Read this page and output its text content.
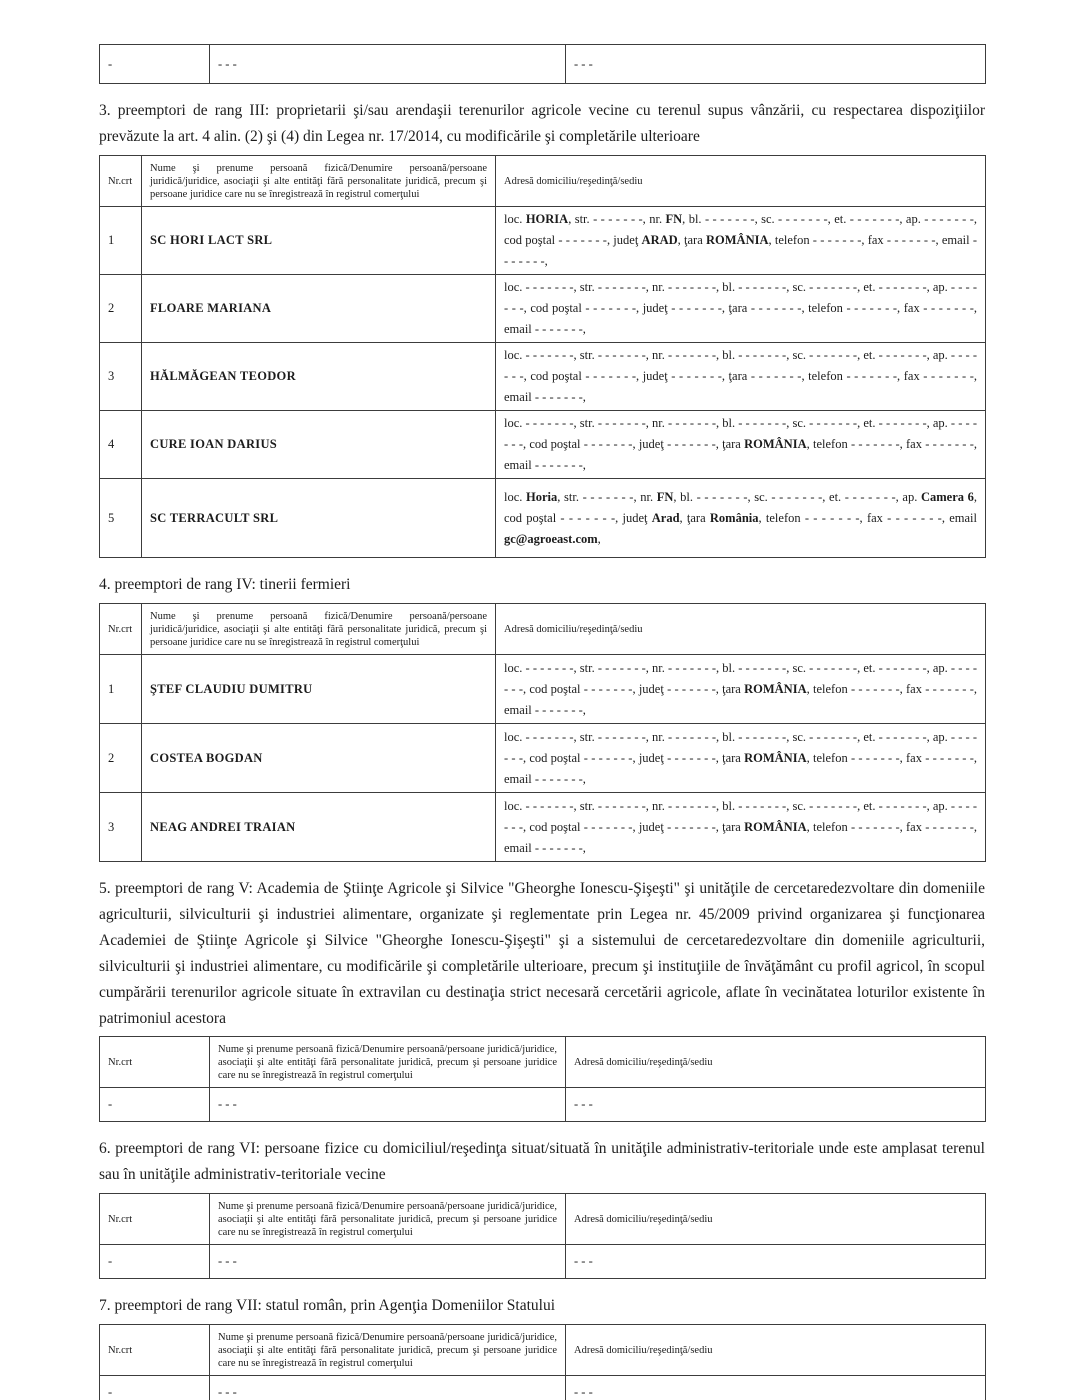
-	- - -	- - -
3. preemptori de rang III: proprietarii şi/sau arendaşii terenurilor agricole vecine cu terenul supus vânzării, cu respectarea dispoziţiilor prevăzute la art. 4 alin. (2) şi (4) din Legea nr. 17/2014, cu modificările şi completările ulterioare
Nr.crt	Nume şi prenume persoană fizică/Denumire persoană/persoane juridică/juridice, asociaţii şi alte entităţi fără personalitate juridică, precum şi persoane juridice care nu se înregistrează în registrul comerţului	Adresă domiciliu/reşedinţă/sediu
1	SC HORI LACT SRL	loc. HORIA, str. - - - - - - -, nr. FN, bl. - - - - - - -, sc. - - - - - - -, et. - - - - - - -, ap. - - - - - - -, cod poştal - - - - - - -, judeţ ARAD, ţara ROMÂNIA, telefon - - - - - - -, fax - - - - - - -, email - - - - - - -,
2	FLOARE MARIANA	loc. - - - - - - -, str. - - - - - - -, nr. - - - - - - -, bl. - - - - - - -, sc. - - - - - - -, et. - - - - - - -, ap. - - - - - - -, cod poştal - - - - - - -, judeţ - - - - - - -, ţara - - - - - - -, telefon - - - - - - -, fax - - - - - - -, email - - - - - - -,
3	HĂLMĂGEAN TEODOR	loc. - - - - - - -, str. - - - - - - -, nr. - - - - - - -, bl. - - - - - - -, sc. - - - - - - -, et. - - - - - - -, ap. - - - - - - -, cod poştal - - - - - - -, judeţ - - - - - - -, ţara - - - - - - -, telefon - - - - - - -, fax - - - - - - -, email - - - - - - -,
4	CURE IOAN DARIUS	loc. - - - - - - -, str. - - - - - - -, nr. - - - - - - -, bl. - - - - - - -, sc. - - - - - - -, et. - - - - - - -, ap. - - - - - - -, cod poştal - - - - - - -, judeţ - - - - - - -, ţara ROMÂNIA, telefon - - - - - - -, fax - - - - - - -, email - - - - - - -,
5	SC TERRACULT SRL	loc. Horia, str. - - - - - - -, nr. FN, bl. - - - - - - -, sc. - - - - - - -, et. - - - - - - -, ap. Camera 6, cod poştal - - - - - - -, judeţ Arad, ţara România, telefon - - - - - - -, fax - - - - - - -, email gc@agroeast.com,
4. preemptori de rang IV: tinerii fermieri
Nr.crt	Nume şi prenume persoană fizică/Denumire persoană/persoane juridică/juridice, asociaţii şi alte entităţi fără personalitate juridică, precum şi persoane juridice care nu se înregistrează în registrul comerţului	Adresă domiciliu/reşedinţă/sediu
1	ŞTEF CLAUDIU DUMITRU	loc. - - - - - - -, str. - - - - - - -, nr. - - - - - - -, bl. - - - - - - -, sc. - - - - - - -, et. - - - - - - -, ap. - - - - - - -, cod poştal - - - - - - -, judeţ - - - - - - -, ţara ROMÂNIA, telefon - - - - - - -, fax - - - - - - -, email - - - - - - -,
2	COSTEA BOGDAN	loc. - - - - - - -, str. - - - - - - -, nr. - - - - - - -, bl. - - - - - - -, sc. - - - - - - -, et. - - - - - - -, ap. - - - - - - -, cod poştal - - - - - - -, judeţ - - - - - - -, ţara ROMÂNIA, telefon - - - - - - -, fax - - - - - - -, email - - - - - - -,
3	NEAG ANDREI TRAIAN	loc. - - - - - - -, str. - - - - - - -, nr. - - - - - - -, bl. - - - - - - -, sc. - - - - - - -, et. - - - - - - -, ap. - - - - - - -, cod poştal - - - - - - -, judeţ - - - - - - -, ţara ROMÂNIA, telefon - - - - - - -, fax - - - - - - -, email - - - - - - -,
5. preemptori de rang V: Academia de Ştiinţe Agricole şi Silvice "Gheorghe Ionescu-Şişeşti" şi unităţile de cercetaredezvoltare din domeniile agriculturii, silviculturii şi industriei alimentare, organizate şi reglementate prin Legea nr. 45/2009 privind organizarea şi funcţionarea Academiei de Ştiinţe Agricole şi Silvice "Gheorghe Ionescu-Şişeşti" şi a sistemului de cercetaredezvoltare din domeniile agriculturii, silviculturii şi industriei alimentare, cu modificările şi completările ulterioare, precum şi instituţiile de învăţământ cu profil agricol, în scopul cumpărării terenurilor agricole situate în extravilan cu destinaţia strict necesară cercetării agricole, aflate în vecinătatea loturilor existente în patrimoniul acestora
Nr.crt	Nume şi prenume persoană fizică/Denumire persoană/persoane juridică/juridice, asociaţii şi alte entităţi fără personalitate juridică, precum şi persoane juridice care nu se înregistrează în registrul comerţului	Adresă domiciliu/reşedinţă/sediu
-	- - -	- - -
6. preemptori de rang VI: persoane fizice cu domiciliul/reşedinţa situat/situată în unităţile administrativ-teritoriale unde este amplasat terenul sau în unităţile administrativ-teritoriale vecine
Nr.crt	Nume şi prenume persoană fizică/Denumire persoană/persoane juridică/juridice, asociaţii şi alte entităţi fără personalitate juridică, precum şi persoane juridice care nu se înregistrează în registrul comerţului	Adresă domiciliu/reşedinţă/sediu
-	- - -	- - -
7. preemptori de rang VII: statul român, prin Agenţia Domeniilor Statului
Nr.crt	Nume şi prenume persoană fizică/Denumire persoană/persoane juridică/juridice, asociaţii şi alte entităţi fără personalitate juridică, precum şi persoane juridice care nu se înregistrează în registrul comerţului	Adresă domiciliu/reşedinţă/sediu
-	- - -	- - -
